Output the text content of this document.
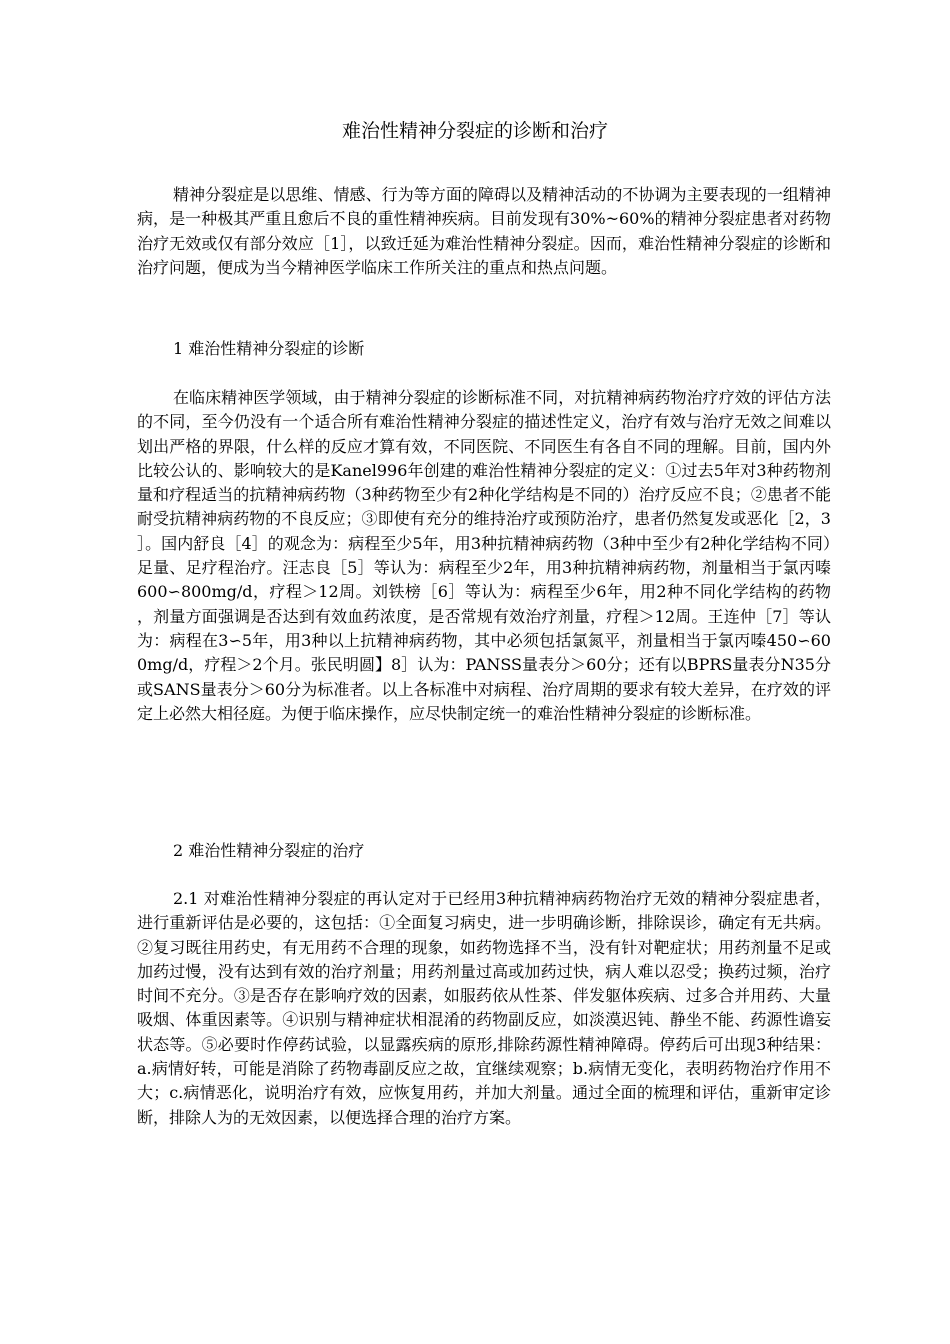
难治性精神分裂症的诊断和治疗
精神分裂症是以思维、情感、行为等方面的障碍以及精神活动的不协调为主要表现的一组精神病，是一种极其严重且愈后不良的重性精神疾病。目前发现有30%~60%的精神分裂症患者对药物治疗无效或仅有部分效应［1］，以致迁延为难治性精神分裂症。因而，难治性精神分裂症的诊断和治疗问题，便成为当今精神医学临床工作所关注的重点和热点问题。
1 难治性精神分裂症的诊断
在临床精神医学领域，由于精神分裂症的诊断标准不同，对抗精神病药物治疗疗效的评估方法的不同，至今仍没有一个适合所有难治性精神分裂症的描述性定义，治疗有效与治疗无效之间难以划出严格的界限，什么样的反应才算有效，不同医院、不同医生有各自不同的理解。目前，国内外比较公认的、影响较大的是Kanel996年创建的难治性精神分裂症的定义：①过去5年对3种药物剂量和疗程适当的抗精神病药物（3种药物至少有2种化学结构是不同的）治疗反应不良；②患者不能耐受抗精神病药物的不良反应；③即使有充分的维持治疗或预防治疗，患者仍然复发或恶化［2，3］。国内舒良［4］的观念为：病程至少5年，用3种抗精神病药物（3种中至少有2种化学结构不同）足量、足疗程治疗。汪志良［5］等认为：病程至少2年，用3种抗精神病药物，剂量相当于氯丙嗪600∽800mg/d，疗程＞12周。刘铁榜［6］等认为：病程至少6年，用2种不同化学结构的药物，剂量方面强调是否达到有效血药浓度，是否常规有效治疗剂量，疗程＞12周。王连仲［7］等认为：病程在3∽5年，用3种以上抗精神病药物，其中必须包括氯氮平，剂量相当于氯丙嗪450∽600mg/d，疗程＞2个月。张民明圆】8］认为：PANSS量表分＞60分；还有以BPRS量表分N35分或SANS量表分＞60分为标准者。以上各标准中对病程、治疗周期的要求有较大差异，在疗效的评定上必然大相径庭。为便于临床操作，应尽快制定统一的难治性精神分裂症的诊断标准。
2 难治性精神分裂症的治疗
2.1 对难治性精神分裂症的再认定对于已经用3种抗精神病药物治疗无效的精神分裂症患者，进行重新评估是必要的，这包括：①全面复习病史，进一步明确诊断，排除误诊，确定有无共病。②复习既往用药史，有无用药不合理的现象，如药物选择不当，没有针对靶症状；用药剂量不足或加药过慢，没有达到有效的治疗剂量；用药剂量过高或加药过快，病人难以忍受；换药过频，治疗时间不充分。③是否存在影响疗效的因素，如服药依从性茶、伴发躯体疾病、过多合并用药、大量吸烟、体重因素等。④识别与精神症状相混淆的药物副反应，如淡漠迟钝、静坐不能、药源性谵妄状态等。⑤必要时作停药试验，以显露疾病的原形,排除药源性精神障碍。停药后可出现3种结果：a.病情好转，可能是消除了药物毒副反应之故，宜继续观察；b.病情无变化，表明药物治疗作用不大；c.病情恶化，说明治疗有效，应恢复用药，并加大剂量。通过全面的梳理和评估，重新审定诊断，排除人为的无效因素，以便选择合理的治疗方案。
